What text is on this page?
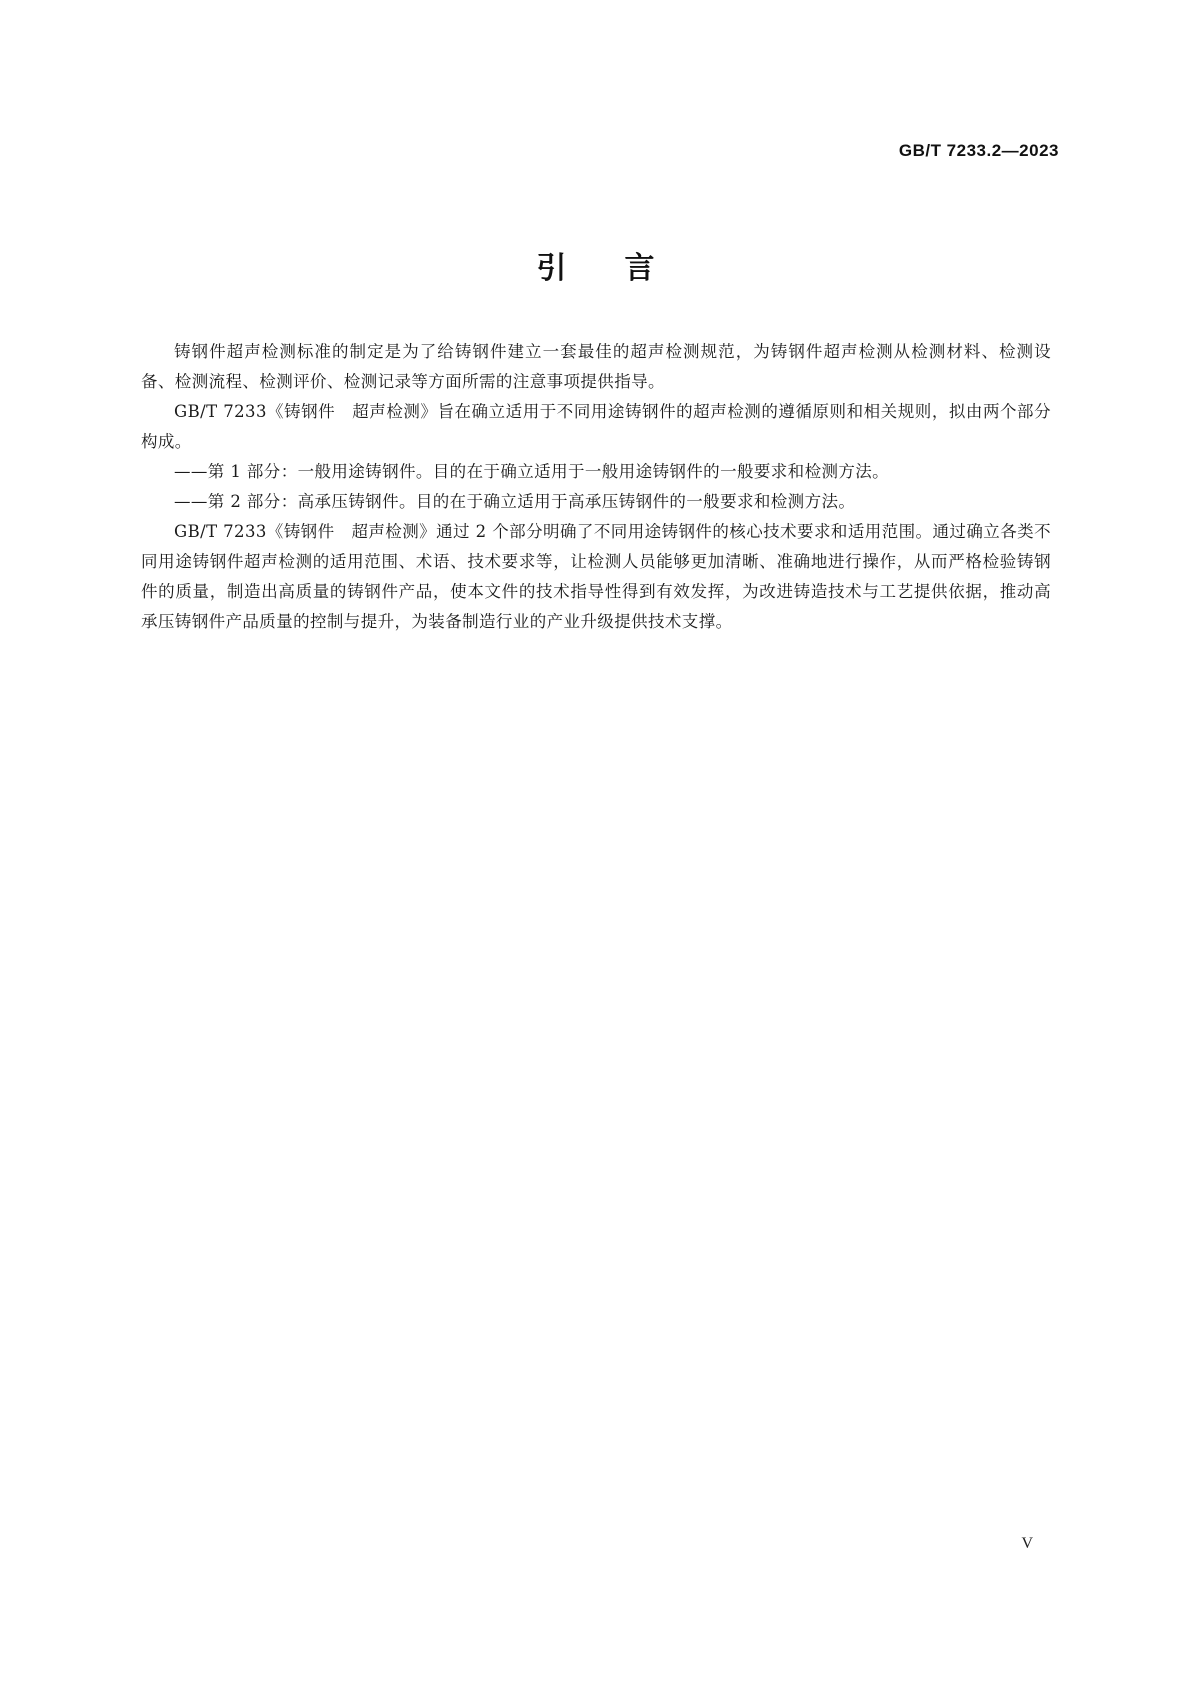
GB/T 7233.2—2023
引言

铸钢件超声检测标准的制定是为了给铸钢件建立一套最佳的超声检测规范，为铸钢件超声检测从检测材料、检测设备、检测流程、检测评价、检测记录等方面所需的注意事项提供指导。

GB/T 7233《铸钢件　超声检测》旨在确立适用于不同用途铸钢件的超声检测的遵循原则和相关规则，拟由两个部分构成。

——第 1 部分：一般用途铸钢件。目的在于确立适用于一般用途铸钢件的一般要求和检测方法。

——第 2 部分：高承压铸钢件。目的在于确立适用于高承压铸钢件的一般要求和检测方法。

GB/T 7233《铸钢件　超声检测》通过 2 个部分明确了不同用途铸钢件的核心技术要求和适用范围。通过确立各类不同用途铸钢件超声检测的适用范围、术语、技术要求等，让检测人员能够更加清晰、准确地进行操作，从而严格检验铸钢件的质量，制造出高质量的铸钢件产品，使本文件的技术指导性得到有效发挥，为改进铸造技术与工艺提供依据，推动高承压铸钢件产品质量的控制与提升，为装备制造行业的产业升级提供技术支撑。

V
